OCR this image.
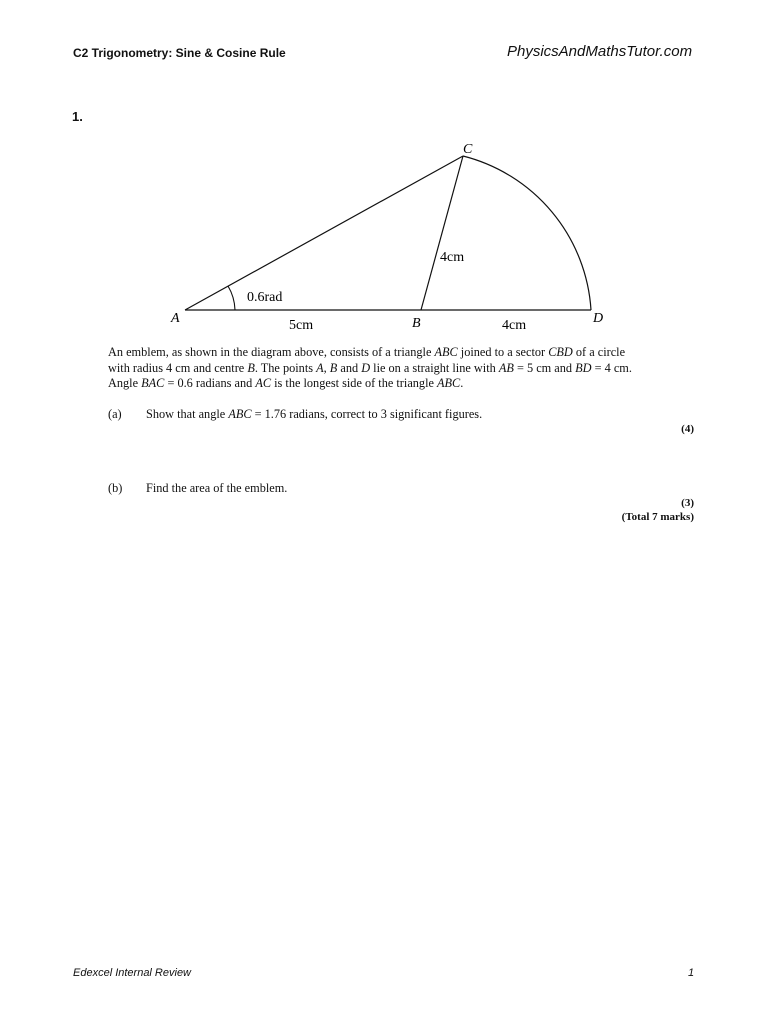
C2 Trigonometry: Sine & Cosine Rule	PhysicsAndMathsTutor.com
1.
A	B
C
D
0.6rad
4cm
5cm	4cm
An emblem, as shown in the diagram above, consists of a triangle ABC joined to a sector CBD of a circle with radius 4 cm and centre B. The points A, B and D lie on a straight line with AB = 5 cm and BD = 4 cm. Angle BAC = 0.6 radians and AC is the longest side of the triangle ABC.
(a) Show that angle ABC = 1.76 radians, correct to 3 significant figures.
(4)
(b) Find the area of the emblem.
(3)
(Total 7 marks)
Edexcel Internal Review	1
